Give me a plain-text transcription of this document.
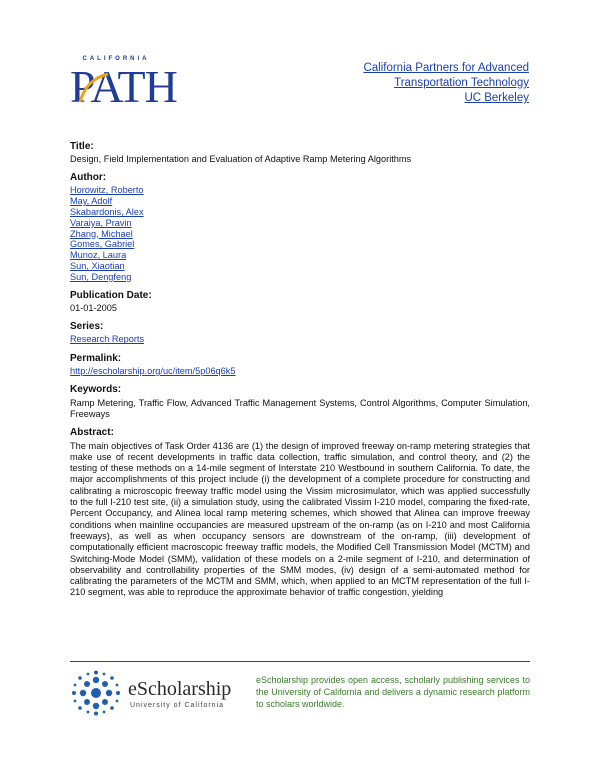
CALIFORNIA
PATH	California Partners for Advanced
Transportation Technology
UC Berkeley
Title:
Design, Field Implementation and Evaluation of Adaptive Ramp Metering Algorithms
Author:
Horowitz, Roberto
May, Adolf
Skabardonis, Alex
Varaiya, Pravin
Zhang, Michael
Gomes, Gabriel
Munoz, Laura
Sun, Xiaotian
Sun, Dengfeng
Publication Date:
01-01-2005
Series:
Research Reports
Permalink:
http://escholarship.org/uc/item/5p06q6k5
Keywords:
Ramp Metering, Traffic Flow, Advanced Traffic Management Systems, Control Algorithms, Computer Simulation, Freeways
Abstract:
The main objectives of Task Order 4136 are (1) the design of improved freeway on-ramp metering strategies that make use of recent developments in traffic data collection, traffic simulation, and control theory, and (2) the testing of these methods on a 14-mile segment of Interstate 210 Westbound in southern California. To date, the major accomplishments of this project include (i) the development of a complete procedure for constructing and calibrating a microscopic freeway traffic model using the Vissim microsimulator, which was applied successfully to the full I-210 test site, (ii) a simulation study, using the calibrated Vissim I-210 model, comparing the fixed-rate, Percent Occupancy, and Alinea local ramp metering schemes, which showed that Alinea can improve freeway conditions when mainline occupancies are measured upstream of the on-ramp (as on I-210 and most California freeways), as well as when occupancy sensors are downstream of the on-ramp, (iii) development of computationally efficient macroscopic freeway traffic models, the Modified Cell Transmission Model (MCTM) and Switching-Mode Model (SMM), validation of these models on a 2-mile segment of I-210, and determination of observability and controllability properties of the SMM modes, (iv) design of a semi-automated method for calibrating the parameters of the MCTM and SMM, which, when applied to an MCTM representation of the full I-210 segment, was able to reproduce the approximate behavior of traffic congestion, yielding
eScholarship
University of California
eScholarship provides open access, scholarly publishing services to the University of California and delivers a dynamic research platform to scholars worldwide.
